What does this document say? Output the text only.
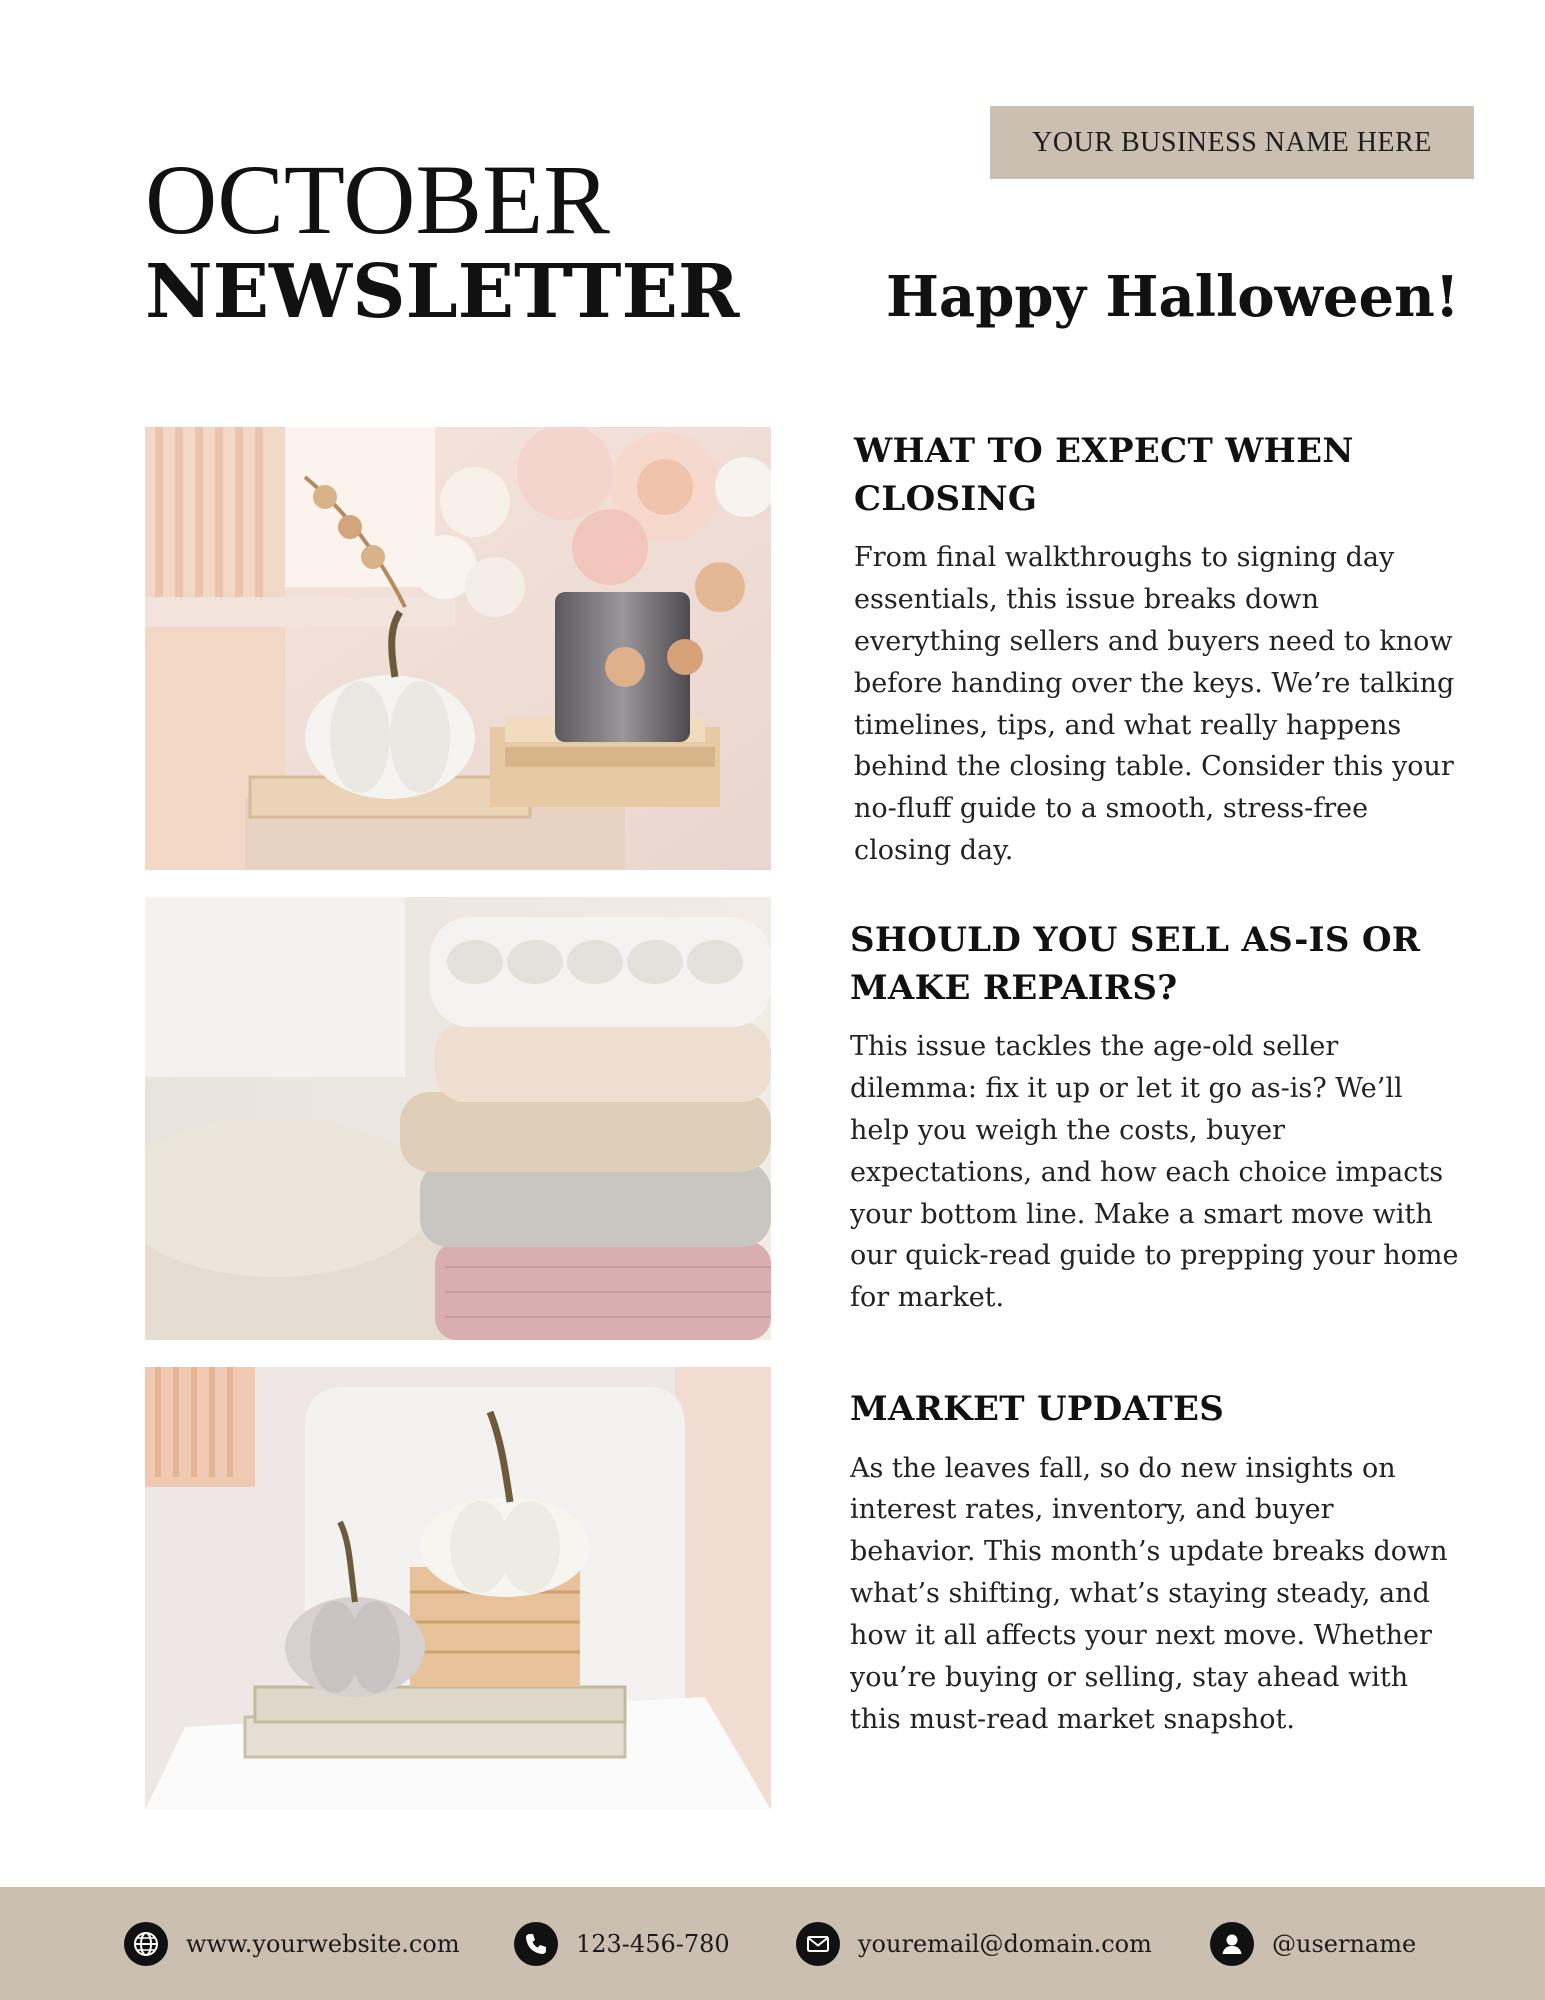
YOUR BUSINESS NAME HERE
OCTOBER
NEWSLETTER	Happy Halloween!
WHAT TO EXPECT WHEN CLOSING

From final walkthroughs to signing day essentials, this issue breaks down everything sellers and buyers need to know before handing over the keys. We’re talking timelines, tips, and what really happens behind the closing table. Consider this your no-fluff guide to a smooth, stress-free closing day.

SHOULD YOU SELL AS-IS OR MAKE REPAIRS?

This issue tackles the age-old seller dilemma: fix it up or let it go as-is? We’ll help you weigh the costs, buyer expectations, and how each choice impacts your bottom line. Make a smart move with our quick-read guide to prepping your home for market.

MARKET UPDATES

As the leaves fall, so do new insights on interest rates, inventory, and buyer behavior. This month’s update breaks down what’s shifting, what’s staying steady, and how it all affects your next move. Whether you’re buying or selling, stay ahead with this must-read market snapshot.

www.yourwebsite.com	123-456-780	youremail@domain.com	@username
